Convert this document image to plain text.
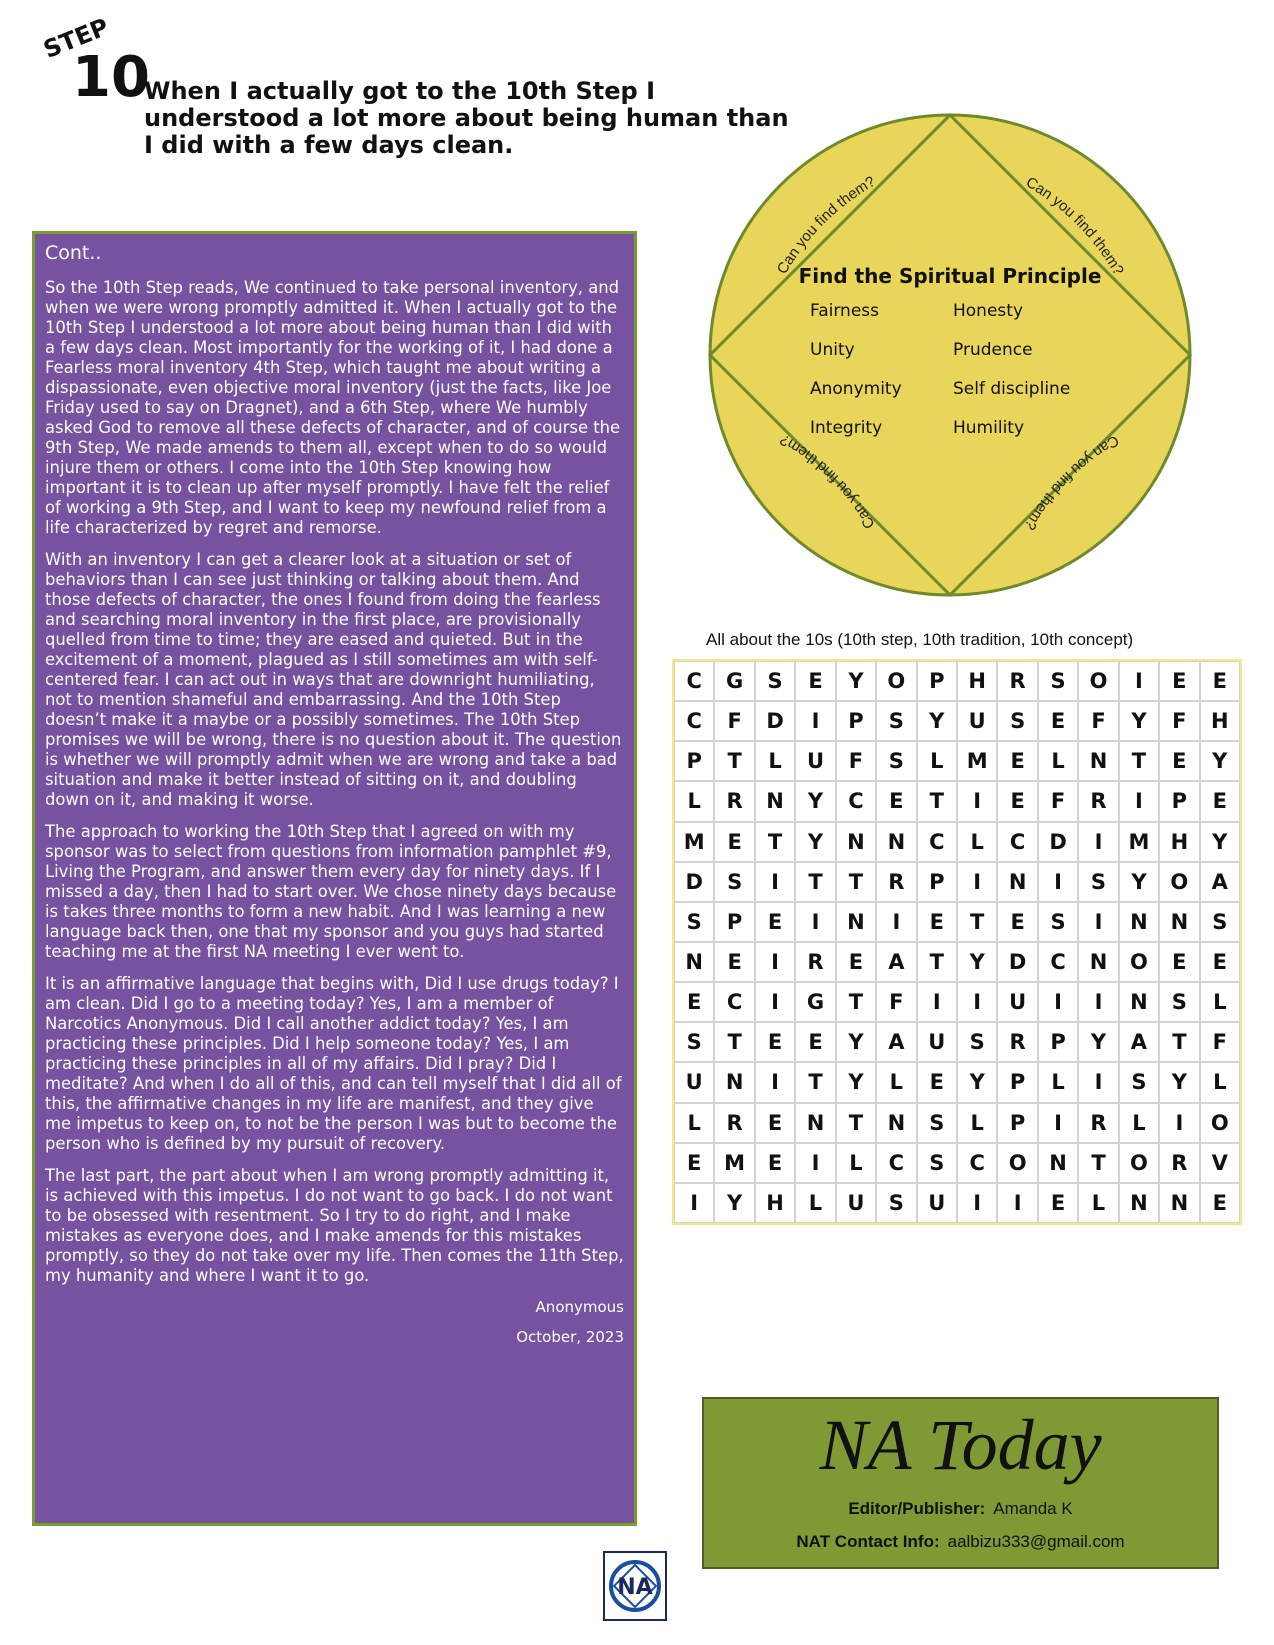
STEP
10
When I actually got to the 10th Step I understood a lot more about being human than I did with a few days clean.
Cont..

So the 10th Step reads, We continued to take personal inventory, and when we were wrong promptly admitted it. When I actually got to the 10th Step I understood a lot more about being human than I did with a few days clean. Most importantly for the working of it, I had done a Fearless moral inventory 4th Step, which taught me about writing a dispassionate, even objective moral inventory (just the facts, like Joe Friday used to say on Dragnet), and a 6th Step, where We humbly asked God to remove all these defects of character, and of course the 9th Step, We made amends to them all, except when to do so would injure them or others. I come into the 10th Step knowing how important it is to clean up after myself promptly. I have felt the relief of working a 9th Step, and I want to keep my newfound relief from a life characterized by regret and remorse.

With an inventory I can get a clearer look at a situation or set of behaviors than I can see just thinking or talking about them. And those defects of character, the ones I found from doing the fearless and searching moral inventory in the first place, are provisionally quelled from time to time; they are eased and quieted. But in the excitement of a moment, plagued as I still sometimes am with self-centered fear. I can act out in ways that are downright humiliating, not to mention shameful and embarrassing. And the 10th Step doesn’t make it a maybe or a possibly sometimes. The 10th Step promises we will be wrong, there is no question about it. The question is whether we will promptly admit when we are wrong and take a bad situation and make it better instead of sitting on it, and doubling down on it, and making it worse.

The approach to working the 10th Step that I agreed on with my sponsor was to select from questions from information pamphlet #9, Living the Program, and answer them every day for ninety days. If I missed a day, then I had to start over. We chose ninety days because is takes three months to form a new habit. And I was learning a new language back then, one that my sponsor and you guys had started teaching me at the first NA meeting I ever went to.

It is an affirmative language that begins with, Did I use drugs today? I am clean. Did I go to a meeting today? Yes, I am a member of Narcotics Anonymous. Did I call another addict today? Yes, I am practicing these principles. Did I help someone today? Yes, I am practicing these principles in all of my affairs. Did I pray? Did I meditate? And when I do all of this, and can tell myself that I did all of this, the affirmative changes in my life are manifest, and they give me impetus to keep on, to not be the person I was but to become the person who is defined by my pursuit of recovery.

The last part, the part about when I am wrong promptly admitting it, is achieved with this impetus. I do not want to go back. I do not want to be obsessed with resentment. So I try to do right, and I make mistakes as everyone does, and I make amends for this mistakes promptly, so they do not take over my life. Then comes the 11th Step, my humanity and where I want it to go.

Anonymous
October, 2023
Can you find them?	Can you find them?
Can you find them?	Can you find them?
Find the Spiritual Principle
Fairness
Unity
Anonymity
Integrity
Honesty
Prudence
Self discipline
Humility
All about the 10s (10th step, 10th tradition, 10th concept)
C	G	S	E	Y	O	P	H	R	S	O	I	E	E
C	F	D	I	P	S	Y	U	S	E	F	Y	F	H
P	T	L	U	F	S	L	M	E	L	N	T	E	Y
L	R	N	Y	C	E	T	I	E	F	R	I	P	E
M	E	T	Y	N	N	C	L	C	D	I	M	H	Y
D	S	I	T	T	R	P	I	N	I	S	Y	O	A
S	P	E	I	N	I	E	T	E	S	I	N	N	S
N	E	I	R	E	A	T	Y	D	C	N	O	E	E
E	C	I	G	T	F	I	I	U	I	I	N	S	L
S	T	E	E	Y	A	U	S	R	P	Y	A	T	F
U	N	I	T	Y	L	E	Y	P	L	I	S	Y	L
L	R	E	N	T	N	S	L	P	I	R	L	I	O
E	M	E	I	L	C	S	C	O	N	T	O	R	V
I	Y	H	L	U	S	U	I	I	E	L	N	N	E
NA Today
Editor/Publisher: Amanda K
NAT Contact Info: aalbizu333@gmail.com
NA
